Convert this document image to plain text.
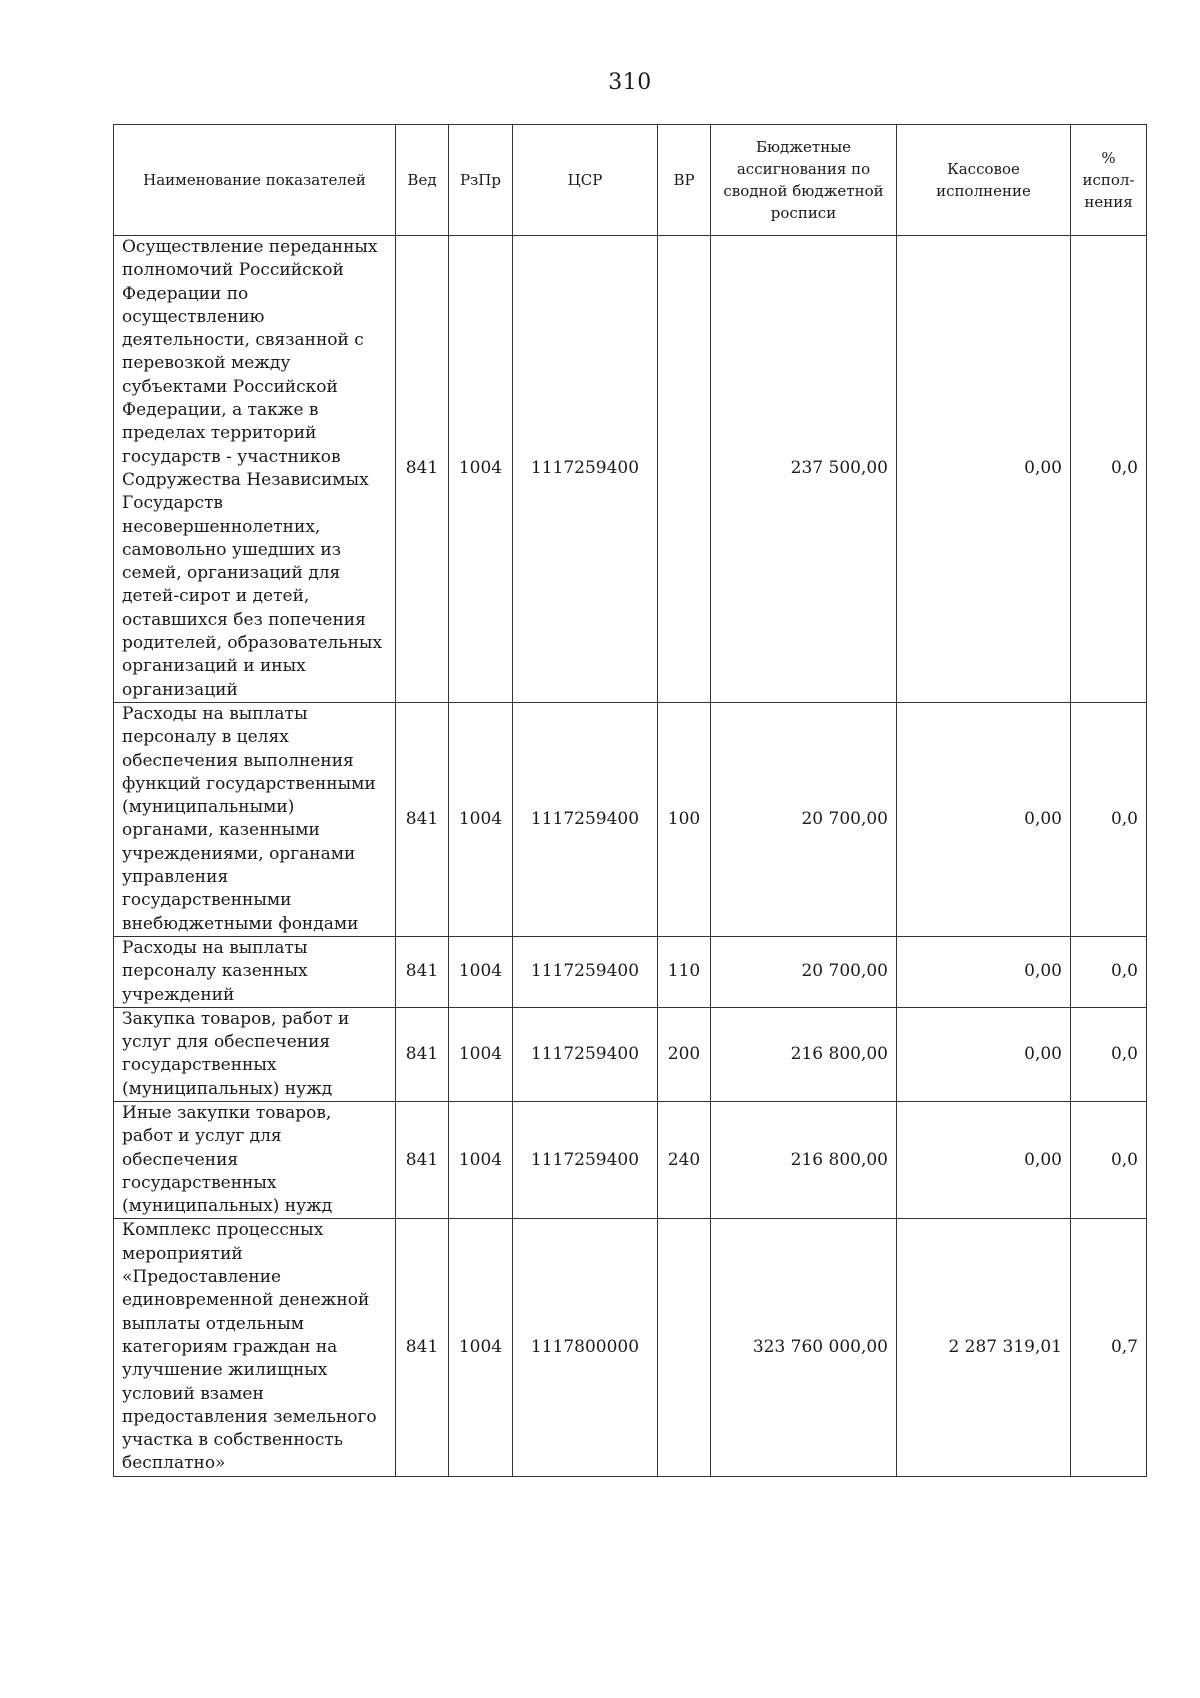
310
Наименование показателей	Вед	РзПр	ЦСР	ВР	Бюджетные ассигнования по сводной бюджетной росписи	Кассовое исполнение	% испол-нения
Осуществление переданных полномочий Российской Федерации по осуществлению деятельности, связанной с перевозкой между субъектами Российской Федерации, а также в пределах территорий государств - участников Содружества Независимых Государств несовершеннолетних, самовольно ушедших из семей, организаций для детей-сирот и детей, оставшихся без попечения родителей, образовательных организаций и иных организаций	841	1004	1117259400		237 500,00	0,00	0,0
Расходы на выплаты персоналу в целях обеспечения выполнения функций государственными (муниципальными) органами, казенными учреждениями, органами управления государственными внебюджетными фондами	841	1004	1117259400	100	20 700,00	0,00	0,0
Расходы на выплаты персоналу казенных учреждений	841	1004	1117259400	110	20 700,00	0,00	0,0
Закупка товаров, работ и услуг для обеспечения государственных (муниципальных) нужд	841	1004	1117259400	200	216 800,00	0,00	0,0
Иные закупки товаров, работ и услуг для обеспечения государственных (муниципальных) нужд	841	1004	1117259400	240	216 800,00	0,00	0,0
Комплекс процессных мероприятий «Предоставление единовременной денежной выплаты отдельным категориям граждан на улучшение жилищных условий взамен предоставления земельного участка в собственность бесплатно»	841	1004	1117800000		323 760 000,00	2 287 319,01	0,7
